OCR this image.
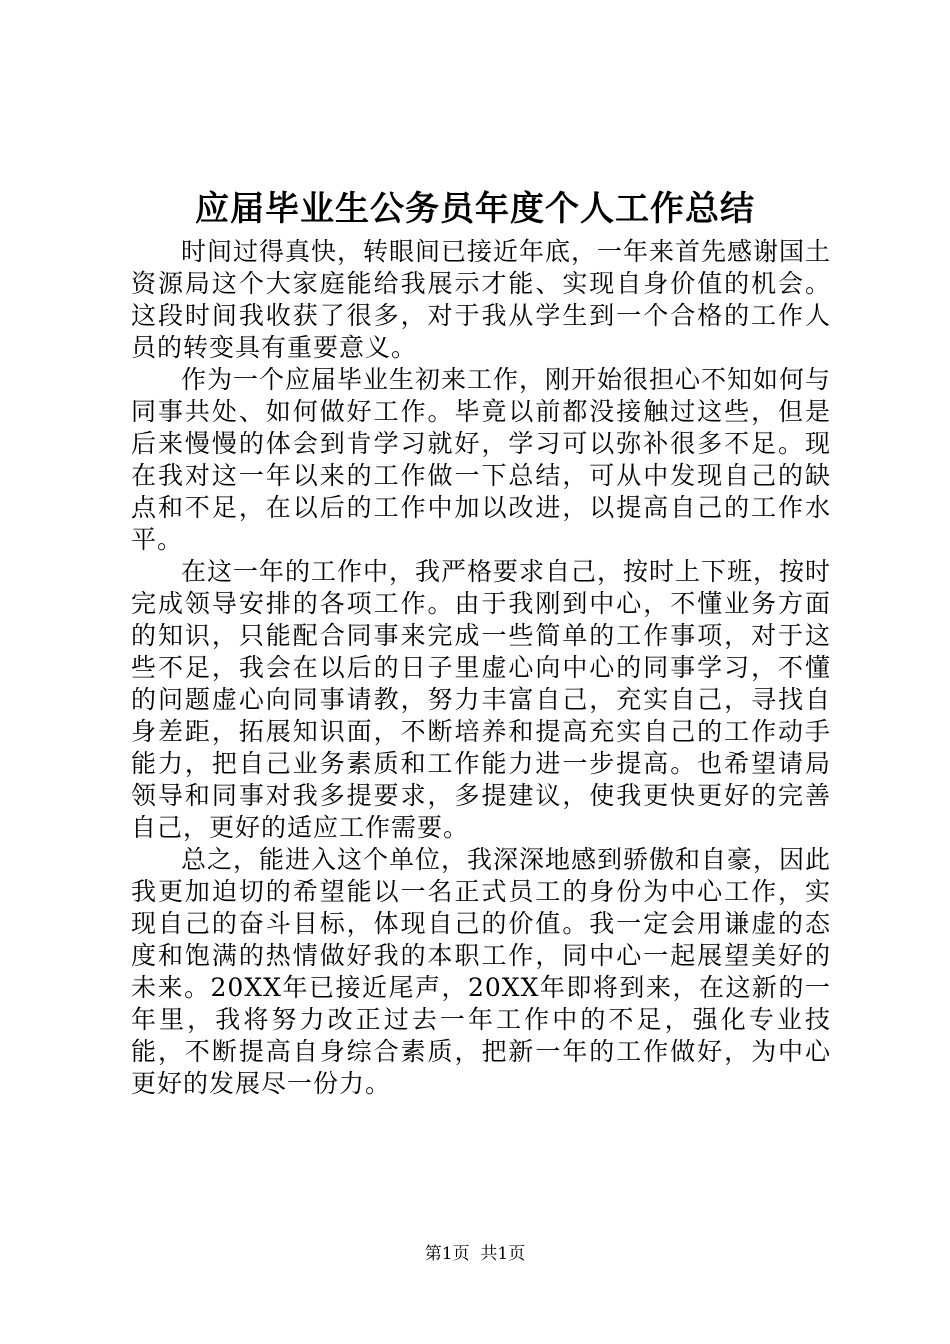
应届毕业生公务员年度个人工作总结

时间过得真快，转眼间已接近年底，一年来首先感谢国土资源局这个大家庭能给我展示才能、实现自身价值的机会。这段时间我收获了很多，对于我从学生到一个合格的工作人员的转变具有重要意义。

作为一个应届毕业生初来工作，刚开始很担心不知如何与同事共处、如何做好工作。毕竟以前都没接触过这些，但是后来慢慢的体会到肯学习就好，学习可以弥补很多不足。现在我对这一年以来的工作做一下总结，可从中发现自己的缺点和不足，在以后的工作中加以改进，以提高自己的工作水平。

在这一年的工作中，我严格要求自己，按时上下班，按时完成领导安排的各项工作。由于我刚到中心，不懂业务方面的知识，只能配合同事来完成一些简单的工作事项，对于这些不足，我会在以后的日子里虚心向中心的同事学习，不懂的问题虚心向同事请教，努力丰富自己，充实自己，寻找自身差距，拓展知识面，不断培养和提高充实自己的工作动手能力，把自己业务素质和工作能力进一步提高。也希望请局领导和同事对我多提要求，多提建议，使我更快更好的完善自己，更好的适应工作需要。

总之，能进入这个单位，我深深地感到骄傲和自豪，因此我更加迫切的希望能以一名正式员工的身份为中心工作，实现自己的奋斗目标，体现自己的价值。我一定会用谦虚的态度和饱满的热情做好我的本职工作，同中心一起展望美好的未来。20XX年已接近尾声，20XX年即将到来，在这新的一年里，我将努力改正过去一年工作中的不足，强化专业技能，不断提高自身综合素质，把新一年的工作做好，为中心更好的发展尽一份力。

第1页  共1页
